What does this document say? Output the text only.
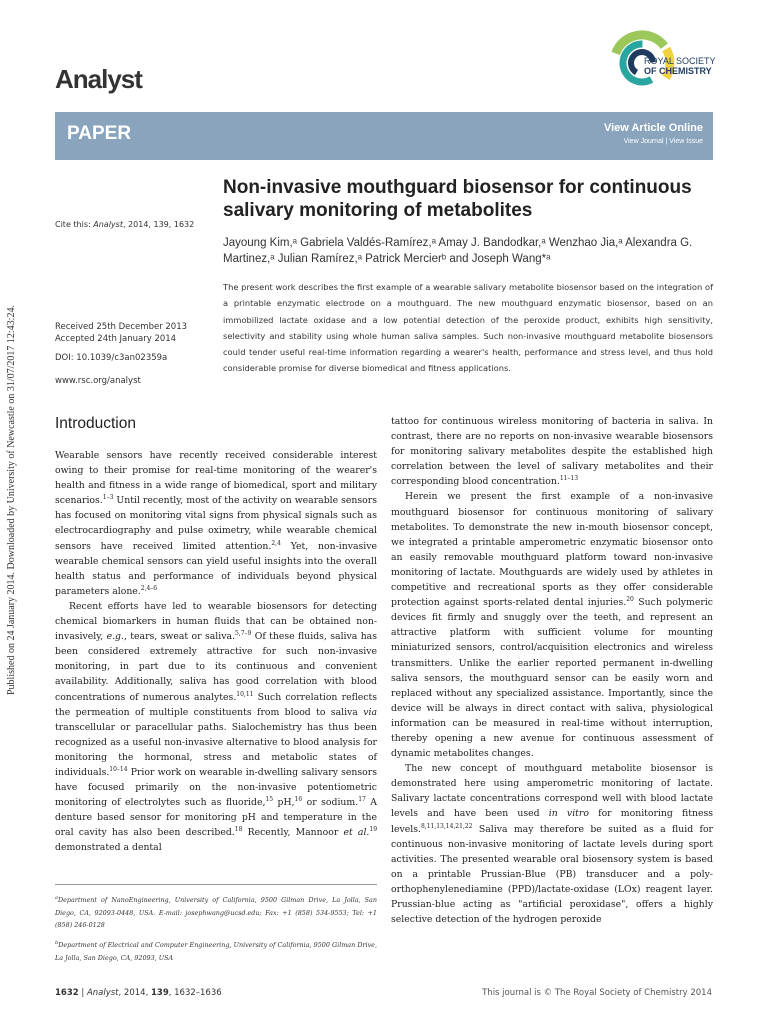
Published on 24 January 2014. Downloaded by University of Newcastle on 31/07/2017 12:43:24.
ROYAL SOCIETY
OF CHEMISTRY
Analyst
PAPER	View Article Online
View Journal | View Issue
Non-invasive mouthguard biosensor for continuous salivary monitoring of metabolites
Cite this: Analyst, 2014, 139, 1632
Jayoung Kim,ᵃ Gabriela Valdés-Ramírez,ᵃ Amay J. Bandodkar,ᵃ Wenzhao Jia,ᵃ Alexandra G. Martinez,ᵃ Julian Ramírez,ᵃ Patrick Mercierᵇ and Joseph Wang*ᵃ
The present work describes the first example of a wearable salivary metabolite biosensor based on the integration of a printable enzymatic electrode on a mouthguard. The new mouthguard enzymatic biosensor, based on an immobilized lactate oxidase and a low potential detection of the peroxide product, exhibits high sensitivity, selectivity and stability using whole human saliva samples. Such non-invasive mouthguard metabolite biosensors could tender useful real-time information regarding a wearer's health, performance and stress level, and thus hold considerable promise for diverse biomedical and fitness applications.
Received 25th December 2013
Accepted 24th January 2014
DOI: 10.1039/c3an02359a
www.rsc.org/analyst
Introduction

Wearable sensors have recently received considerable interest owing to their promise for real-time monitoring of the wearer's health and fitness in a wide range of biomedical, sport and military scenarios.$^{1-3}$ Until recently, most of the activity on wearable sensors has focused on monitoring vital signs from physical signals such as electrocardiography and pulse oximetry, while wearable chemical sensors have received limited attention.$^{2,4}$ Yet, non-invasive wearable chemical sensors can yield useful insights into the overall health status and performance of individuals beyond physical parameters alone.$^{2,4-6}$

Recent efforts have led to wearable biosensors for detecting chemical biomarkers in human fluids that can be obtained non-invasively, e.g., tears, sweat or saliva.$^{5,7-9}$ Of these fluids, saliva has been considered extremely attractive for such non-invasive monitoring, in part due to its continuous and convenient availability. Additionally, saliva has good correlation with blood concentrations of numerous analytes.$^{10,11}$ Such correlation reflects the permeation of multiple constituents from blood to saliva via transcellular or paracellular paths. Sialochemistry has thus been recognized as a useful non-invasive alternative to blood analysis for monitoring the hormonal, stress and metabolic states of individuals.$^{10-14}$ Prior work on wearable in-dwelling salivary sensors have focused primarily on the non-invasive potentiometric monitoring of electrolytes such as fluoride,$^{15}$ pH,$^{16}$ or sodium.$^{17}$ A denture based sensor for monitoring pH and temperature in the oral cavity has also been described.$^{18}$ Recently, Mannoor et al.$^{19}$ demonstrated a dental

tattoo for continuous wireless monitoring of bacteria in saliva. In contrast, there are no reports on non-invasive wearable biosensors for monitoring salivary metabolites despite the established high correlation between the level of salivary metabolites and their corresponding blood concentration.$^{11-13}$

Herein we present the first example of a non-invasive mouthguard biosensor for continuous monitoring of salivary metabolites. To demonstrate the new in-mouth biosensor concept, we integrated a printable amperometric enzymatic biosensor onto an easily removable mouthguard platform toward non-invasive monitoring of lactate. Mouthguards are widely used by athletes in competitive and recreational sports as they offer considerable protection against sports-related dental injuries.$^{20}$ Such polymeric devices fit firmly and snuggly over the teeth, and represent an attractive platform with sufficient volume for mounting miniaturized sensors, control/acquisition electronics and wireless transmitters. Unlike the earlier reported permanent in-dwelling saliva sensors, the mouthguard sensor can be easily worn and replaced without any specialized assistance. Importantly, since the device will be always in direct contact with saliva, physiological information can be measured in real-time without interruption, thereby opening a new avenue for continuous assessment of dynamic metabolites changes.

The new concept of mouthguard metabolite biosensor is demonstrated here using amperometric monitoring of lactate. Salivary lactate concentrations correspond well with blood lactate levels and have been used in vitro for monitoring fitness levels.$^{8,11,13,14,21,22}$ Saliva may therefore be suited as a fluid for continuous non-invasive monitoring of lactate levels during sport activities. The presented wearable oral biosensory system is based on a printable Prussian-Blue (PB) transducer and a poly-orthophenylenediamine (PPD)/lactate-oxidase (LOx) reagent layer. Prussian-blue acting as "artificial peroxidase", offers a highly selective detection of the hydrogen peroxide

$^a$Department of NanoEngineering, University of California, 9500 Gilman Drive, La Jolla, San Diego, CA, 92093-0448, USA. E-mail: josephwang@ucsd.edu; Fax: +1 (858) 534-9553; Tel: +1 (858) 246-0128

$^b$Department of Electrical and Computer Engineering, University of California, 9500 Gilman Drive, La Jolla, San Diego, CA, 92093, USA

1632 | Analyst, 2014, 139, 1632–1636	This journal is © The Royal Society of Chemistry 2014
